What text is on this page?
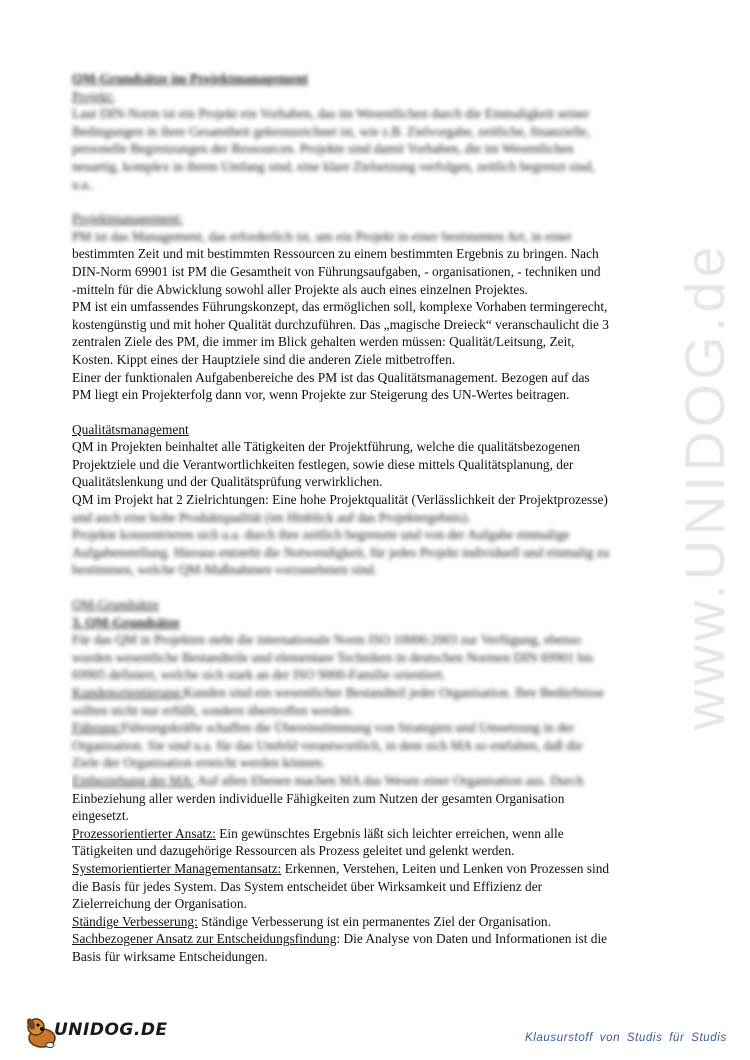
www.UNIDOG.de

QM-Grundsätze im Projektmanagement

Projekt:

Laut DIN-Norm ist ein Projekt ein Vorhaben, das im Wesentlichen durch die Einmaligkeit seiner

Bedingungen in ihrer Gesamtheit gekennzeichnet ist, wie z.B. Zielvorgabe, zeitliche, finanzielle,

personelle Begrenzungen der Ressourcen. Projekte sind damit Vorhaben, die im Wesentlichen

neuartig, komplex in ihrem Umfang sind, eine klare Zielsetzung verfolgen, zeitlich begrenzt sind,

u.a..

Projektmanagement:

PM ist das Management, das erforderlich ist, um ein Projekt in einer bestimmten Art, in einer

bestimmten Zeit und mit bestimmten Ressourcen zu einem bestimmten Ergebnis zu bringen. Nach

DIN-Norm 69901 ist PM die Gesamtheit von Führungsaufgaben, - organisationen, - techniken und

-mitteln für die Abwicklung sowohl aller Projekte als auch eines einzelnen Projektes.

PM ist ein umfassendes Führungskonzept, das ermöglichen soll, komplexe Vorhaben termingerecht,

kostengünstig und mit hoher Qualität durchzuführen. Das „magische Dreieck“ veranschaulicht die 3

zentralen Ziele des PM, die immer im Blick gehalten werden müssen: Qualität/Leitsung, Zeit,

Kosten. Kippt eines der Hauptziele sind die anderen Ziele mitbetroffen.

Einer der funktionalen Aufgabenbereiche des PM ist das Qualitätsmanagement. Bezogen auf das

PM liegt ein Projekterfolg dann vor, wenn Projekte zur Steigerung des UN-Wertes beitragen.

Qualitätsmanagement

QM in Projekten beinhaltet alle Tätigkeiten der Projektführung, welche die qualitätsbezogenen

Projektziele und die Verantwortlichkeiten festlegen, sowie diese mittels Qualitätsplanung, der

Qualitätslenkung und der Qualitätsprüfung verwirklichen.

QM im Projekt hat 2 Zielrichtungen: Eine hohe Projektqualität (Verlässlichkeit der Projektprozesse)

und auch eine hohe Produktqualität (im Hinblick auf das Projektergebnis).

Projekte konzentrieren sich u.a. durch ihre zeitlich begrenzte und von der Aufgabe einmalige

Aufgabenstellung. Hieraus entsteht die Notwendigkeit, für jedes Projekt individuell und einmalig zu

bestimmen, welche QM-Maßnahmen vorzunehmen sind.

QM-Grundsätze

3. QM-Grundsätze

Für das QM in Projekten steht die internationale Norm ISO 10006:2003 zur Verfügung, ebenso

wurden wesentliche Bestandteile und elementare Techniken in deutschen Normen DIN 69901 bis

69905 definiert, welche sich stark an der ISO 9000-Familie orientiert.

Kundenorientierung:Kunden sind ein wesentlicher Bestandteil jeder Organisation. Ihre Bedürfnisse

sollten nicht nur erfüllt, sondern übertroffen werden.

Führung:Führungskräfte schaffen die Übereinstimmung von Strategien und Umsetzung in der

Organisation. Sie sind u.a. für das Umfeld verantwortlich, in dem sich MA so entfalten, daß die

Ziele der Organisation erreicht werden können.

Einbeziehung der MA: Auf allen Ebenen machen MA das Wesen einer Organisation aus. Durch

Einbeziehung aller werden individuelle Fähigkeiten zum Nutzen der gesamten Organisation

eingesetzt.

Prozessorientierter Ansatz: Ein gewünschtes Ergebnis läßt sich leichter erreichen, wenn alle

Tätigkeiten und dazugehörige Ressourcen als Prozess geleitet und gelenkt werden.

Systemorientierter Managementansatz: Erkennen, Verstehen, Leiten und Lenken von Prozessen sind

die Basis für jedes System. Das System entscheidet über Wirksamkeit und Effizienz der

Zielerreichung der Organisation.

Ständige Verbesserung: Ständige Verbesserung ist ein permanentes Ziel der Organisation.

Sachbezogener Ansatz zur Entscheidungsfindung: Die Analyse von Daten und Informationen ist die

Basis für wirksame Entscheidungen.

UNIDOG.DE	Klausurstoff von Studis für Studis
